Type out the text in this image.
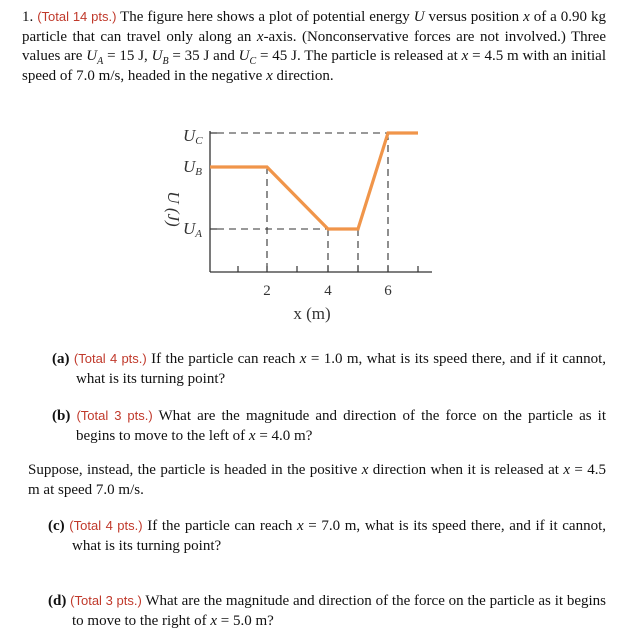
1. (Total 14 pts.) The figure here shows a plot of potential energy U versus position x of a 0.90 kg particle that can travel only along an x-axis. (Nonconservative forces are not involved.) Three values are $U_A = 15$ J, $U_B = 35$ J and $U_C = 45$ J. The particle is released at x = 4.5 m with an initial speed of 7.0 m/s, headed in the negative x direction.

UC
UB
UA
U (J)
2	4	6
x (m)

(a) (Total 4 pts.) If the particle can reach x = 1.0 m, what is its speed there, and if it cannot, what is its turning point?

(b) (Total 3 pts.) What are the magnitude and direction of the force on the particle as it begins to move to the left of x = 4.0 m?

Suppose, instead, the particle is headed in the positive x direction when it is released at x = 4.5 m at speed 7.0 m/s.

(c) (Total 4 pts.) If the particle can reach x = 7.0 m, what is its speed there, and if it cannot, what is its turning point?

(d) (Total 3 pts.) What are the magnitude and direction of the force on the particle as it begins to move to the right of x = 5.0 m?
